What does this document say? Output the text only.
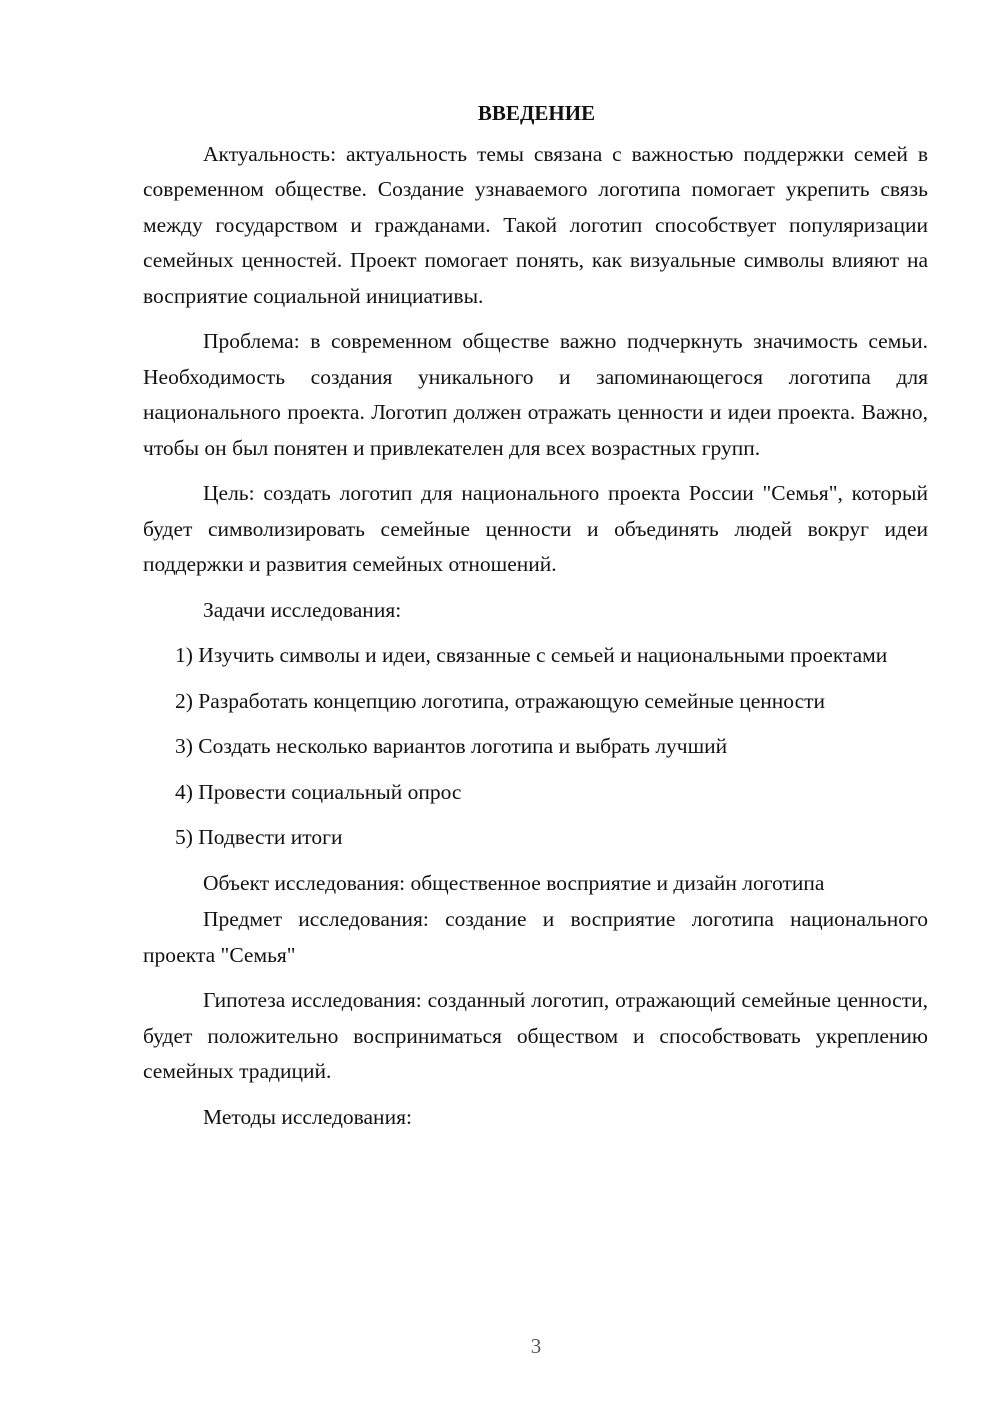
ВВЕДЕНИЕ

Актуальность: актуальность темы связана с важностью поддержки семей в современном обществе. Создание узнаваемого логотипа помогает укрепить связь между государством и гражданами. Такой логотип способствует популяризации семейных ценностей. Проект помогает понять, как визуальные символы влияют на восприятие социальной инициативы.

Проблема: в современном обществе важно подчеркнуть значимость семьи. Необходимость создания уникального и запоминающегося логотипа для национального проекта. Логотип должен отражать ценности и идеи проекта. Важно, чтобы он был понятен и привлекателен для всех возрастных групп.

Цель: создать логотип для национального проекта России "Семья", который будет символизировать семейные ценности и объединять людей вокруг идеи поддержки и развития семейных отношений.

Задачи исследования:

1) Изучить символы и идеи, связанные с семьей и национальными проектами

2) Разработать концепцию логотипа, отражающую семейные ценности

3) Создать несколько вариантов логотипа и выбрать лучший

4) Провести социальный опрос

5) Подвести итоги

Объект исследования: общественное восприятие и дизайн логотипа

Предмет исследования: создание и восприятие логотипа национального проекта "Семья"

Гипотеза исследования: созданный логотип, отражающий семейные ценности, будет положительно восприниматься обществом и способствовать укреплению семейных традиций.

Методы исследования:

3
